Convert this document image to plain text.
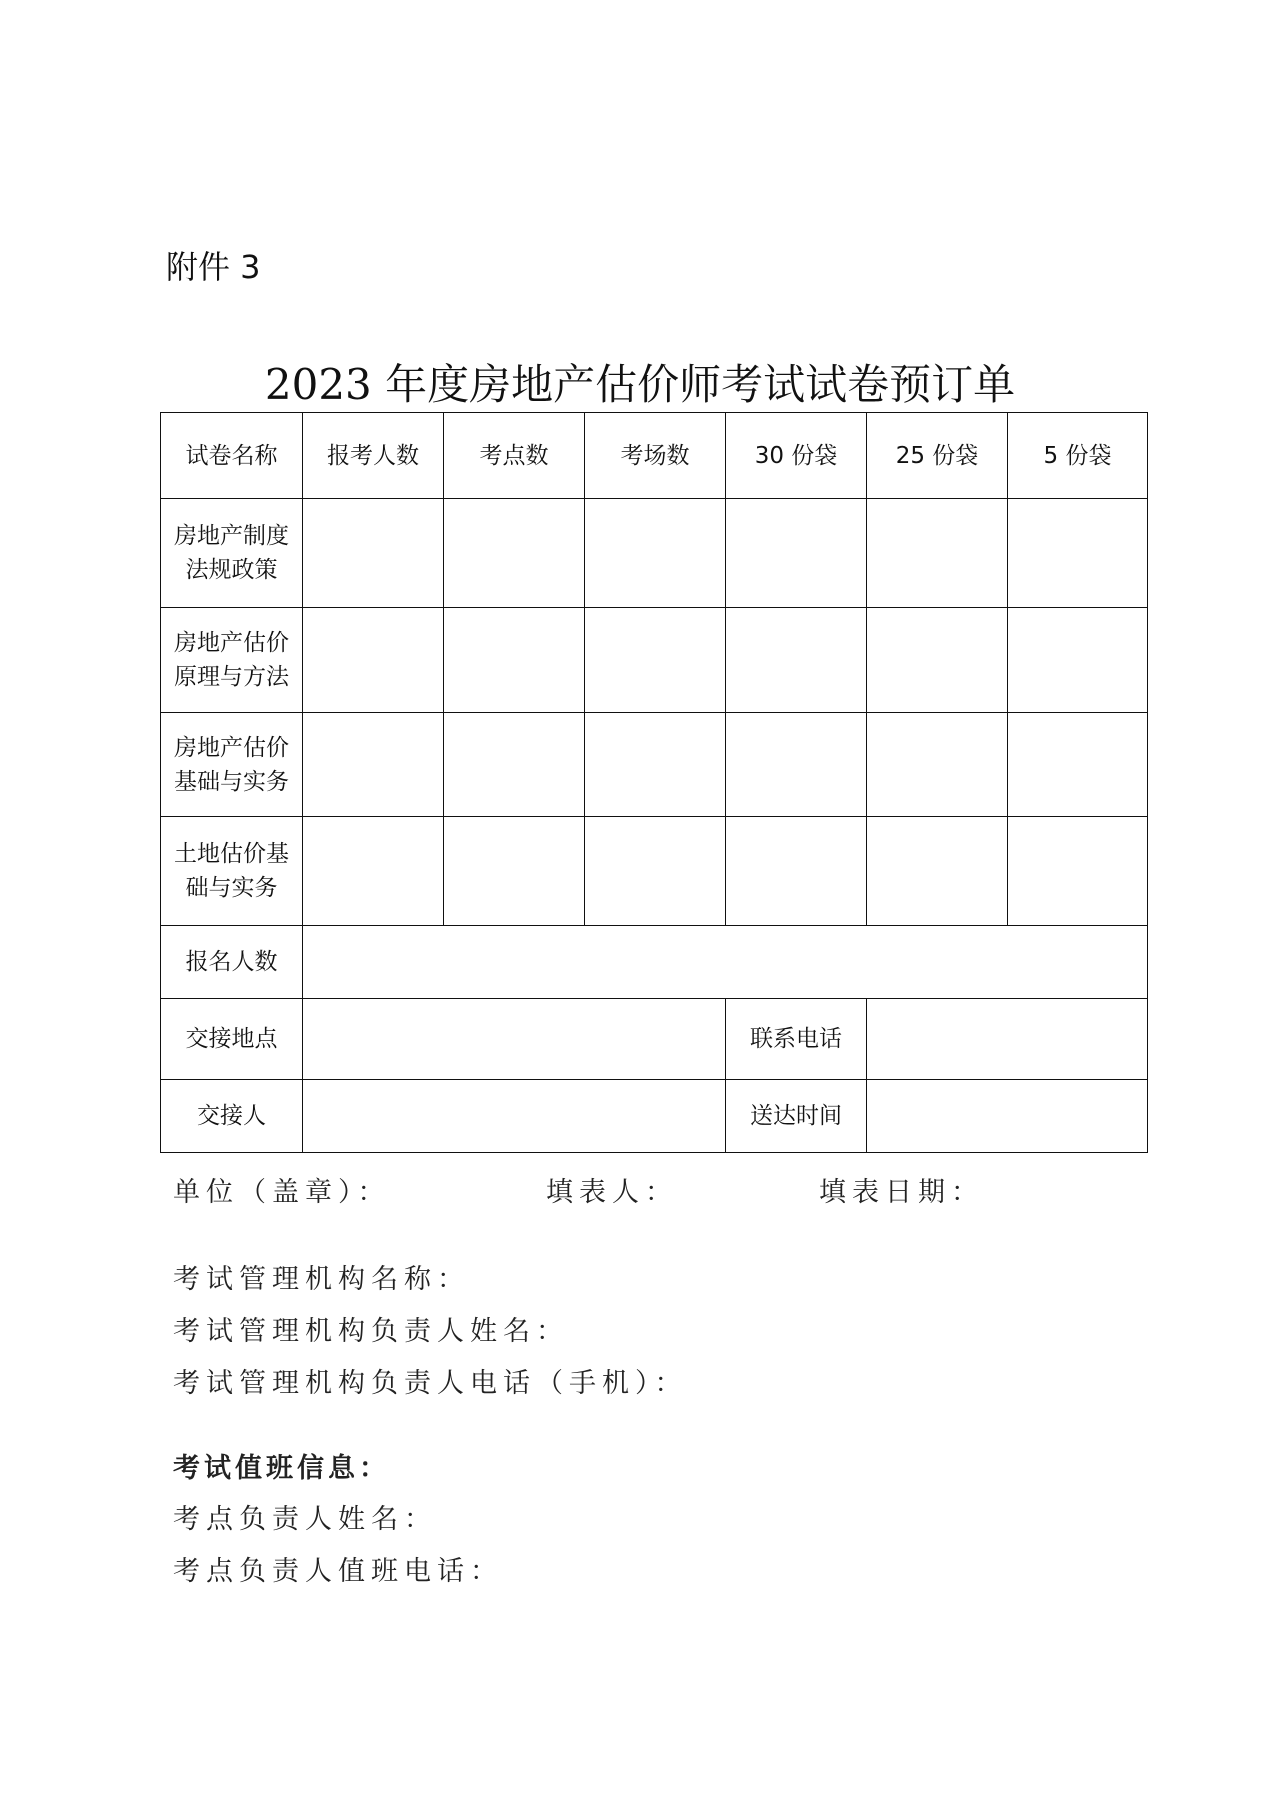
附件 3
2023 年度房地产估价师考试试卷预订单
试卷名称	报考人数	考点数	考场数	30 份袋	25 份袋	5 份袋
房地产制度法规政策						
房地产估价原理与方法						
房地产估价基础与实务						
土地估价基础与实务						
报名人数						
交接地点				联系电话		
交接人				送达时间		
单位（盖章）：	填表人：	填表日期：
考试管理机构名称：
考试管理机构负责人姓名：
考试管理机构负责人电话（手机）：
考试值班信息：
考点负责人姓名：
考点负责人值班电话：
